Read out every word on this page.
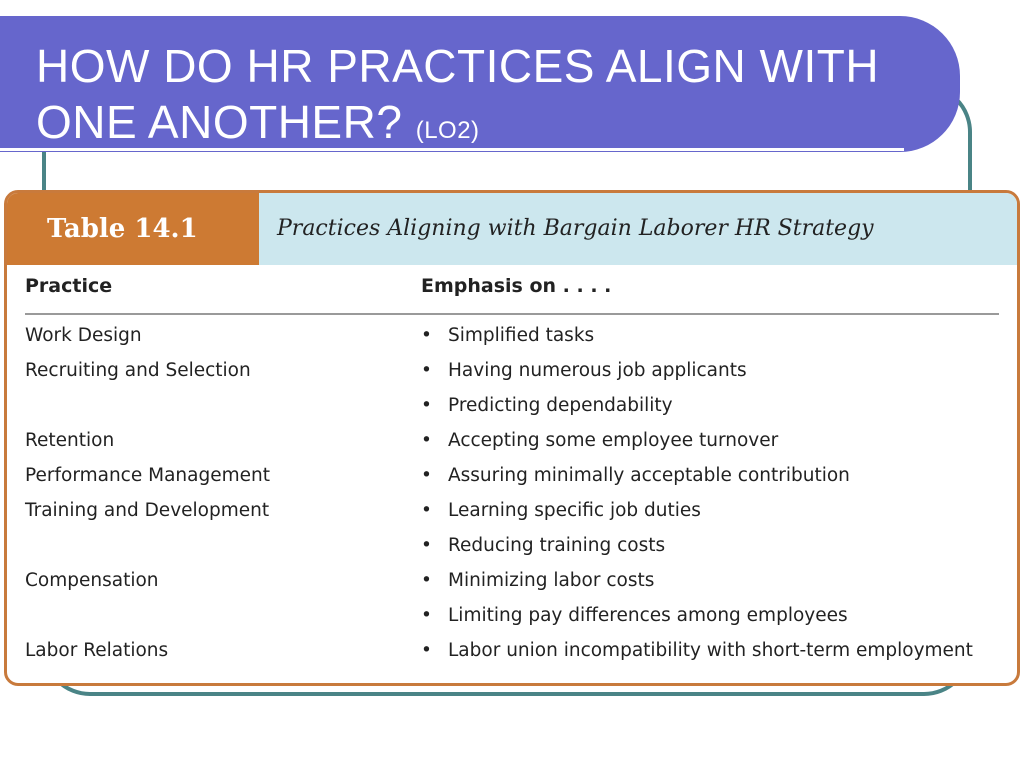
HOW DO HR PRACTICES ALIGN WITH ONE ANOTHER? (LO2)
Table 14.1	Practices Aligning with Bargain Laborer HR Strategy
Practice	Emphasis on . . . .
Work Design	• Simplified tasks
Recruiting and Selection	• Having numerous job applicants
• Predicting dependability
Retention	• Accepting some employee turnover
Performance Management	• Assuring minimally acceptable contribution
Training and Development	• Learning specific job duties
• Reducing training costs
Compensation	• Minimizing labor costs
• Limiting pay differences among employees
Labor Relations	• Labor union incompatibility with short-term employment
